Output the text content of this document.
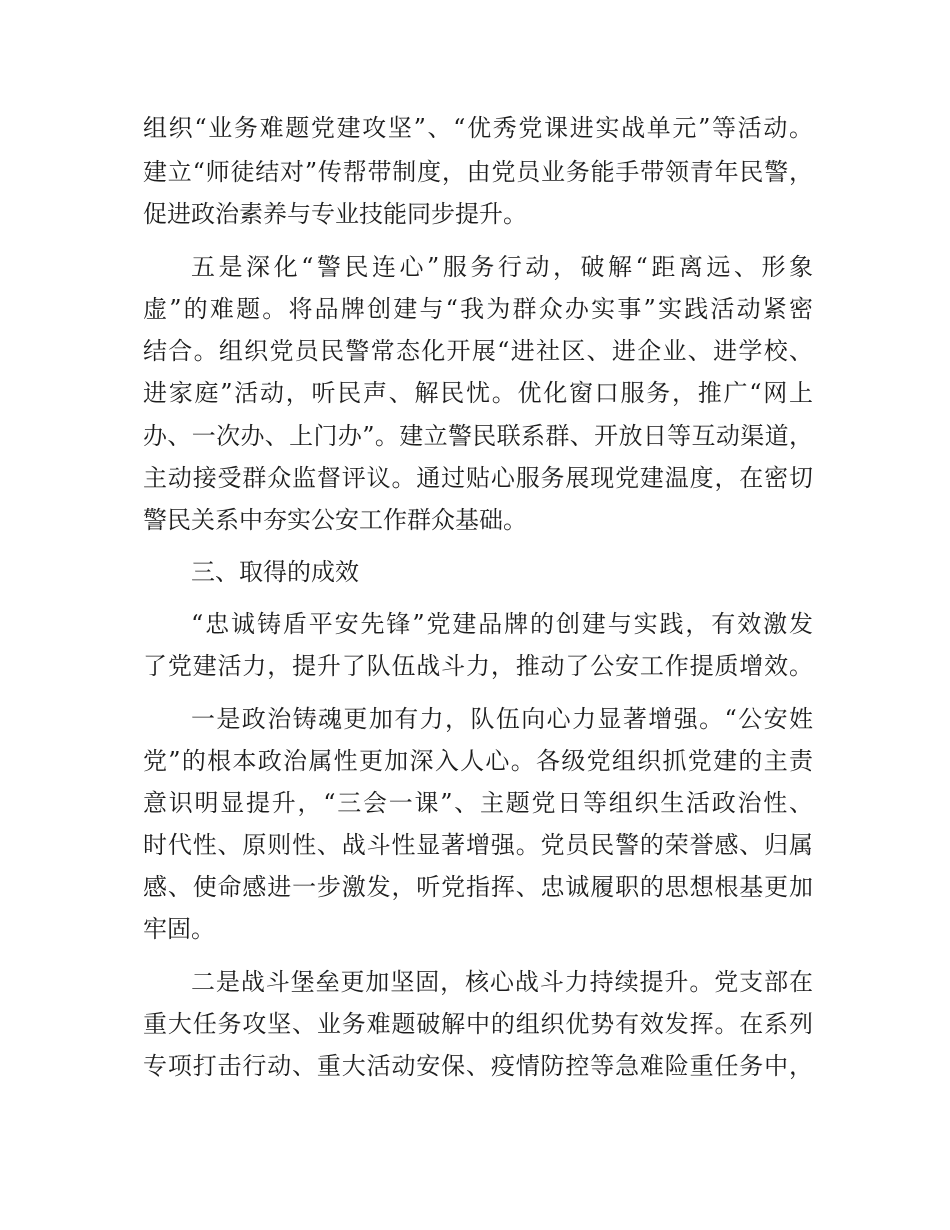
组织“业务难题党建攻坚”、“优秀党课进实战单元”等活动。
建立“师徒结对”传帮带制度，由党员业务能手带领青年民警，
促进政治素养与专业技能同步提升。
五是深化“警民连心”服务行动，破解“距离远、形象
虚”的难题。将品牌创建与“我为群众办实事”实践活动紧密
结合。组织党员民警常态化开展“进社区、进企业、进学校、
进家庭”活动，听民声、解民忧。优化窗口服务，推广“网上
办、一次办、上门办”。建立警民联系群、开放日等互动渠道，
主动接受群众监督评议。通过贴心服务展现党建温度，在密切
警民关系中夯实公安工作群众基础。
三、取得的成效
“忠诚铸盾平安先锋”党建品牌的创建与实践，有效激发
了党建活力，提升了队伍战斗力，推动了公安工作提质增效。
一是政治铸魂更加有力，队伍向心力显著增强。“公安姓
党”的根本政治属性更加深入人心。各级党组织抓党建的主责
意识明显提升，“三会一课”、主题党日等组织生活政治性、
时代性、原则性、战斗性显著增强。党员民警的荣誉感、归属
感、使命感进一步激发，听党指挥、忠诚履职的思想根基更加
牢固。
二是战斗堡垒更加坚固，核心战斗力持续提升。党支部在
重大任务攻坚、业务难题破解中的组织优势有效发挥。在系列
专项打击行动、重大活动安保、疫情防控等急难险重任务中，
